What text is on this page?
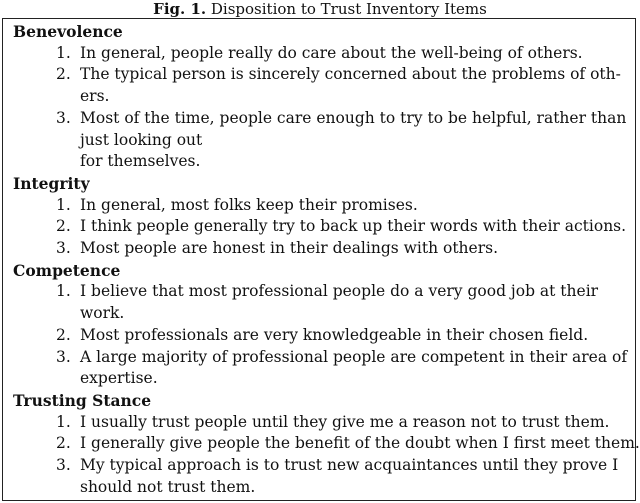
Fig. 1. Disposition to Trust Inventory Items
Benevolence
1. In general, people really do care about the well-being of others.
2. The typical person is sincerely concerned about the problems of oth-
ers.
3. Most of the time, people care enough to try to be helpful, rather than
just looking out
for themselves.
Integrity
1. In general, most folks keep their promises.
2. I think people generally try to back up their words with their actions.
3. Most people are honest in their dealings with others.
Competence
1. I believe that most professional people do a very good job at their
work.
2. Most professionals are very knowledgeable in their chosen field.
3. A large majority of professional people are competent in their area of
expertise.
Trusting Stance
1. I usually trust people until they give me a reason not to trust them.
2. I generally give people the benefit of the doubt when I first meet them.
3. My typical approach is to trust new acquaintances until they prove I
should not trust them.
